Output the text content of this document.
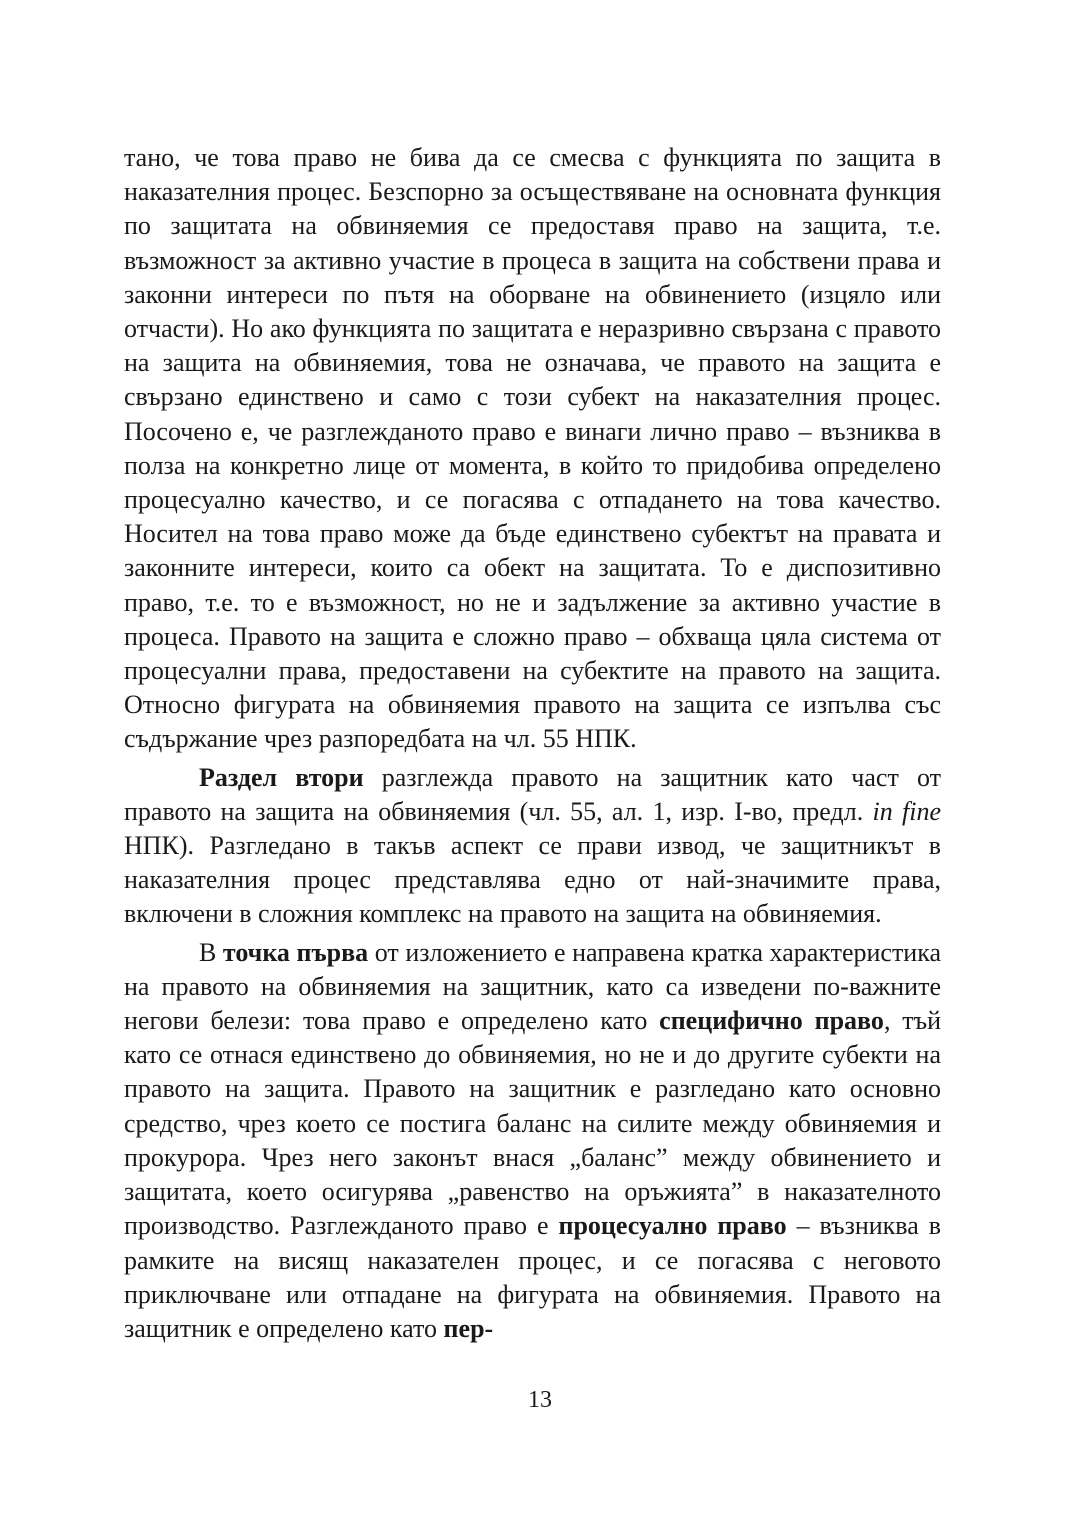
тано, че това право не бива да се смесва с функцията по защита в наказателния процес. Безспорно за осъществяване на основната функция по защитата на обвиняемия се предоставя право на защита, т.е. възможност за активно участие в процеса в защита на собствени права и законни интереси по пътя на оборване на обвинението (изцяло или отчасти). Но ако функцията по защитата е неразривно свързана с правото на защита на обвиняемия, това не означава, че правото на защита е свързано единствено и само с този субект на наказателния процес. Посочено е, че разглежданото право е винаги лично право – възниква в полза на конкретно лице от момента, в който то придобива определено процесуално качество, и се погасява с отпадането на това качество. Носител на това право може да бъде единствено субектът на правата и законните интереси, които са обект на защитата. То е диспозитивно право, т.е. то е възможност, но не и задължение за активно участие в процеса. Правото на защита е сложно право – обхваща цяла система от процесуални права, предоставени на субектите на правото на защита. Относно фигурата на обвиняемия правото на защита се изпълва със съдържание чрез разпоредбата на чл. 55 НПК.

Раздел втори разглежда правото на защитник като част от правото на защита на обвиняемия (чл. 55, ал. 1, изр. I-во, предл. in fine НПК). Разгледано в такъв аспект се прави извод, че защитникът в наказателния процес представлява едно от най-значимите права, включени в сложния комплекс на правото на защита на обвиняемия.

В точка първа от изложението е направена кратка характеристика на правото на обвиняемия на защитник, като са изведени по-важните негови белези: това право е определено като специфично право, тъй като се отнася единствено до обвиняемия, но не и до другите субекти на правото на защита. Правото на защитник е разгледано като основно средство, чрез което се постига баланс на силите между обвиняемия и прокурора. Чрез него законът внася „баланс” между обвинението и защитата, което осигурява „равенство на оръжията” в наказателното производство. Разглежданото право е процесуално право – възниква в рамките на висящ наказателен процес, и се погасява с неговото приключване или отпадане на фигурата на обвиняемия. Правото на защитник е определено като пер-

13
